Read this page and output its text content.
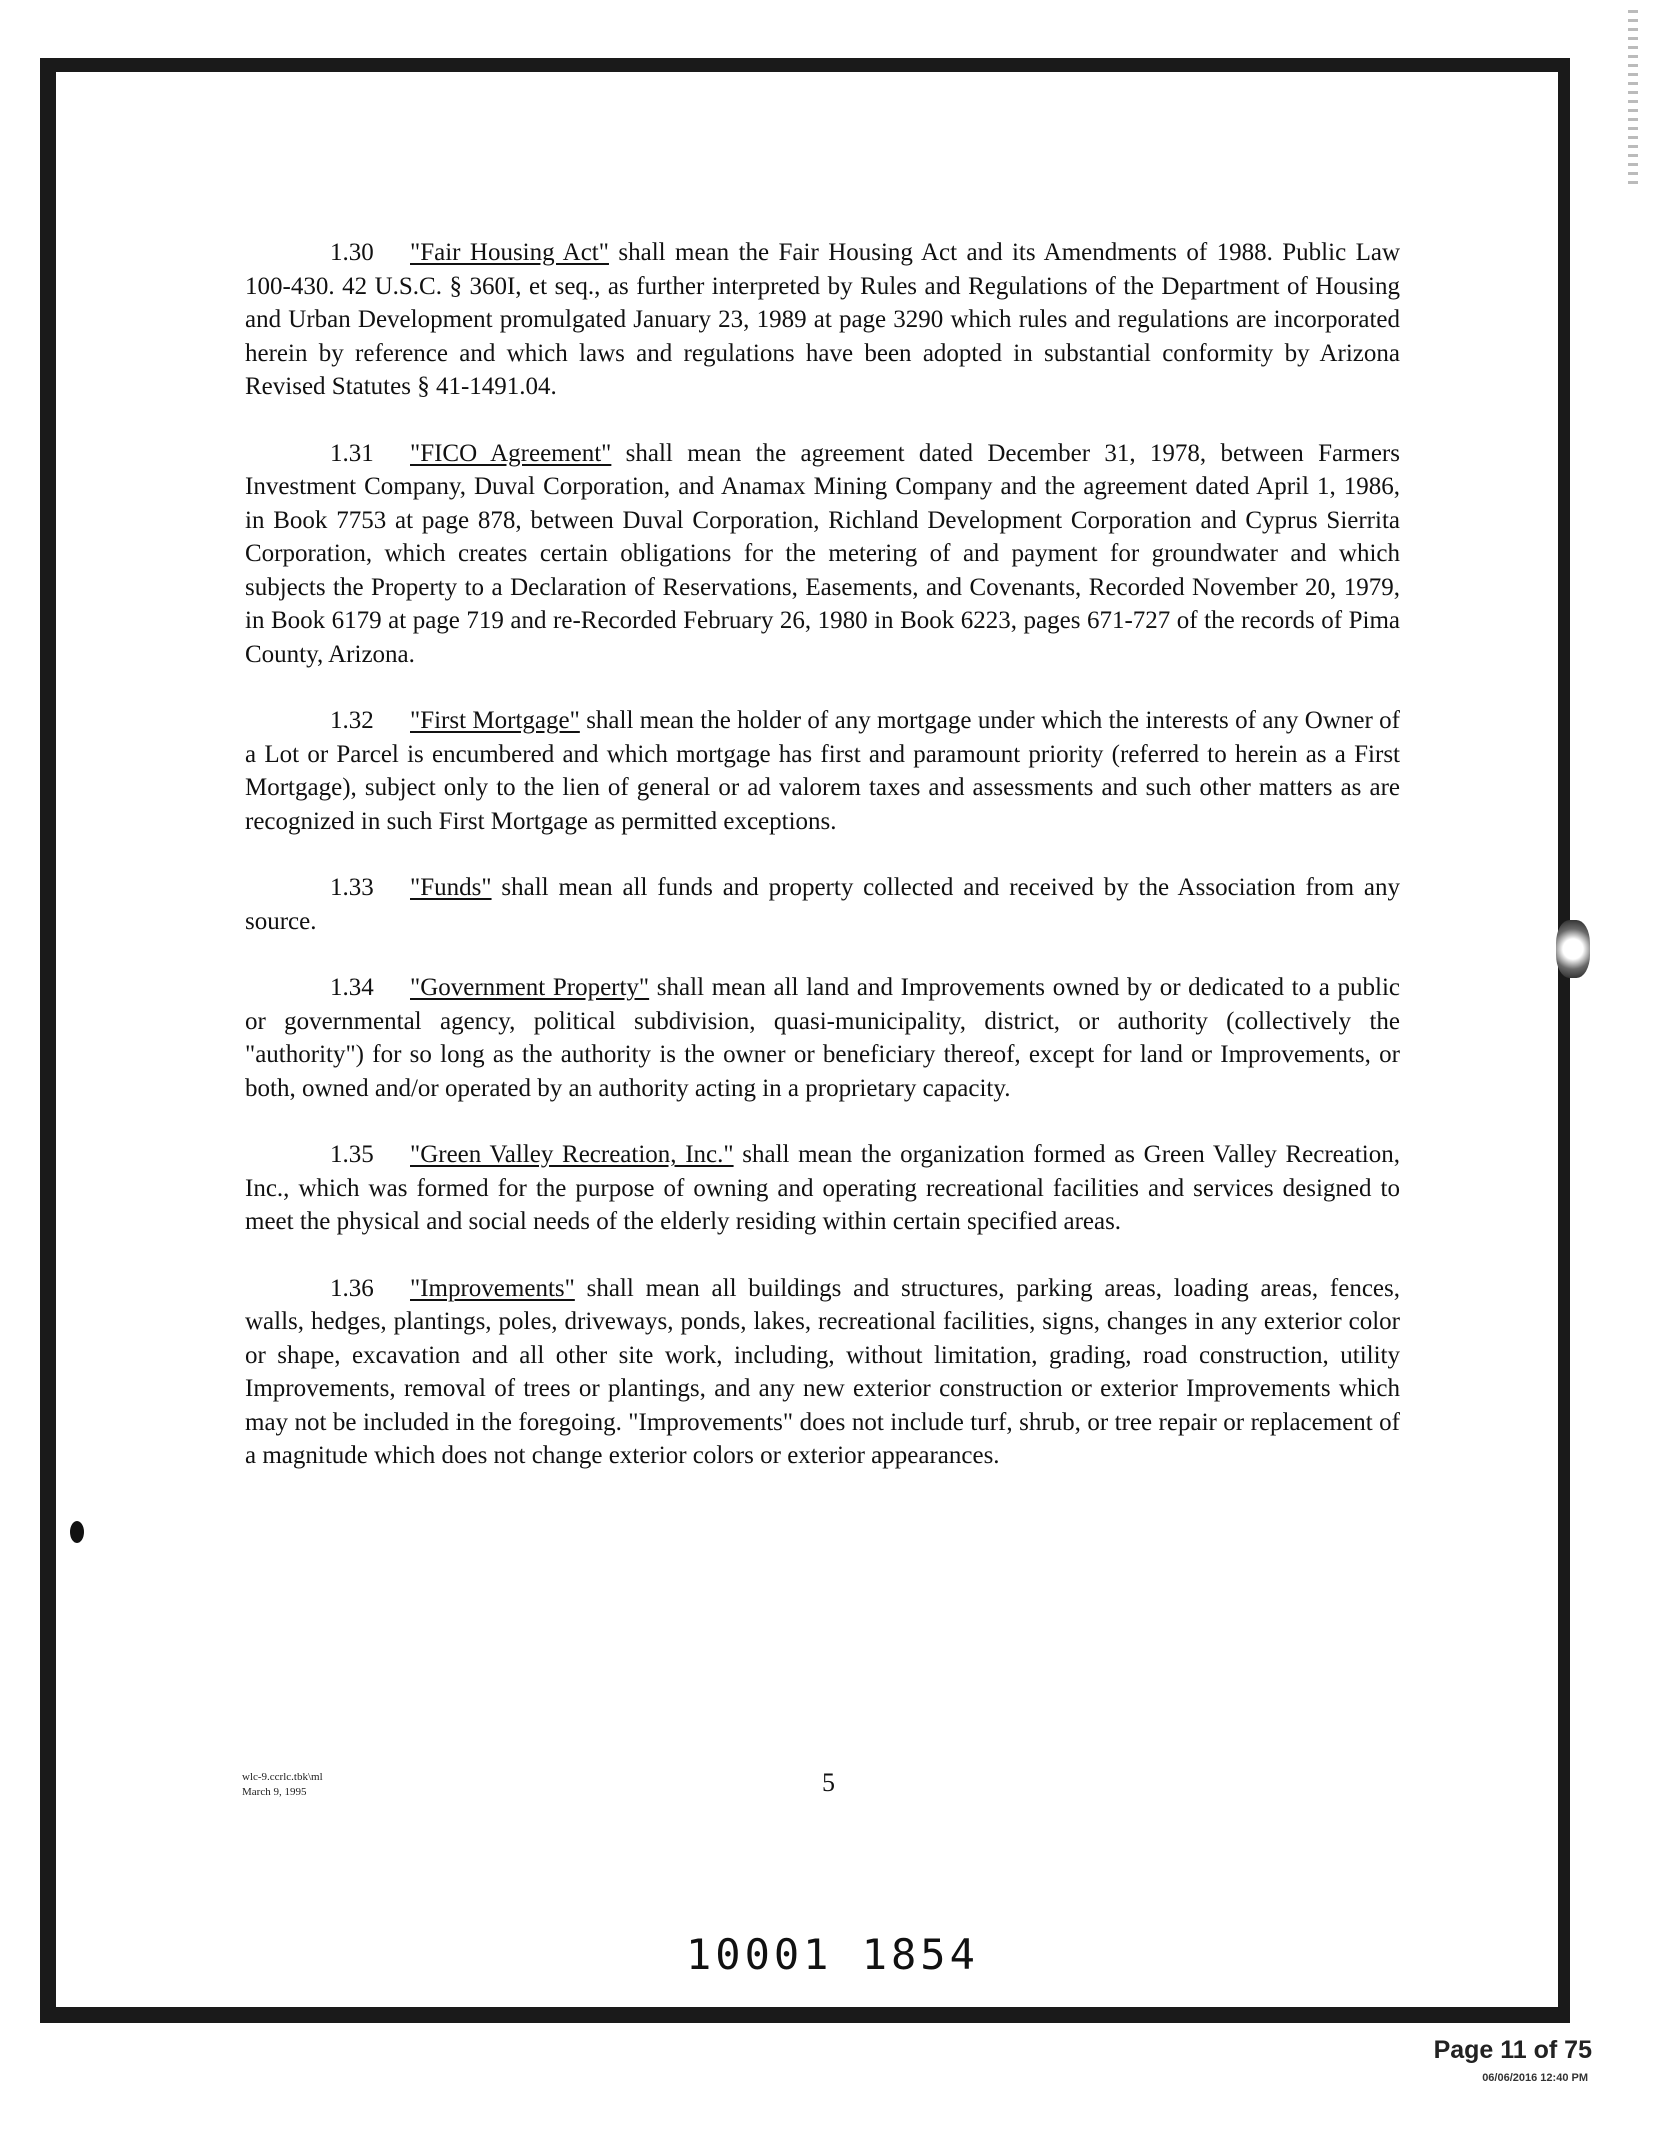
1.30 "Fair Housing Act" shall mean the Fair Housing Act and its Amendments of 1988. Public Law 100-430. 42 U.S.C. § 360I, et seq., as further interpreted by Rules and Regulations of the Department of Housing and Urban Development promulgated January 23, 1989 at page 3290 which rules and regulations are incorporated herein by reference and which laws and regulations have been adopted in substantial conformity by Arizona Revised Statutes § 41-1491.04.

1.31 "FICO Agreement" shall mean the agreement dated December 31, 1978, between Farmers Investment Company, Duval Corporation, and Anamax Mining Company and the agreement dated April 1, 1986, in Book 7753 at page 878, between Duval Corporation, Richland Development Corporation and Cyprus Sierrita Corporation, which creates certain obligations for the metering of and payment for groundwater and which subjects the Property to a Declaration of Reservations, Easements, and Covenants, Recorded November 20, 1979, in Book 6179 at page 719 and re-Recorded February 26, 1980 in Book 6223, pages 671-727 of the records of Pima County, Arizona.

1.32 "First Mortgage" shall mean the holder of any mortgage under which the interests of any Owner of a Lot or Parcel is encumbered and which mortgage has first and paramount priority (referred to herein as a First Mortgage), subject only to the lien of general or ad valorem taxes and assessments and such other matters as are recognized in such First Mortgage as permitted exceptions.

1.33 "Funds" shall mean all funds and property collected and received by the Association from any source.

1.34 "Government Property" shall mean all land and Improvements owned by or dedicated to a public or governmental agency, political subdivision, quasi-municipality, district, or authority (collectively the "authority") for so long as the authority is the owner or beneficiary thereof, except for land or Improvements, or both, owned and/or operated by an authority acting in a proprietary capacity.

1.35 "Green Valley Recreation, Inc." shall mean the organization formed as Green Valley Recreation, Inc., which was formed for the purpose of owning and operating recreational facilities and services designed to meet the physical and social needs of the elderly residing within certain specified areas.

1.36 "Improvements" shall mean all buildings and structures, parking areas, loading areas, fences, walls, hedges, plantings, poles, driveways, ponds, lakes, recreational facilities, signs, changes in any exterior color or shape, excavation and all other site work, including, without limitation, grading, road construction, utility Improvements, removal of trees or plantings, and any new exterior construction or exterior Improvements which may not be included in the foregoing. "Improvements" does not include turf, shrub, or tree repair or replacement of a magnitude which does not change exterior colors or exterior appearances.

wlc-9.ccrlc.tbk\ml
March 9, 1995	5
10001 1854
Page 11 of 75
06/06/2016 12:40 PM
